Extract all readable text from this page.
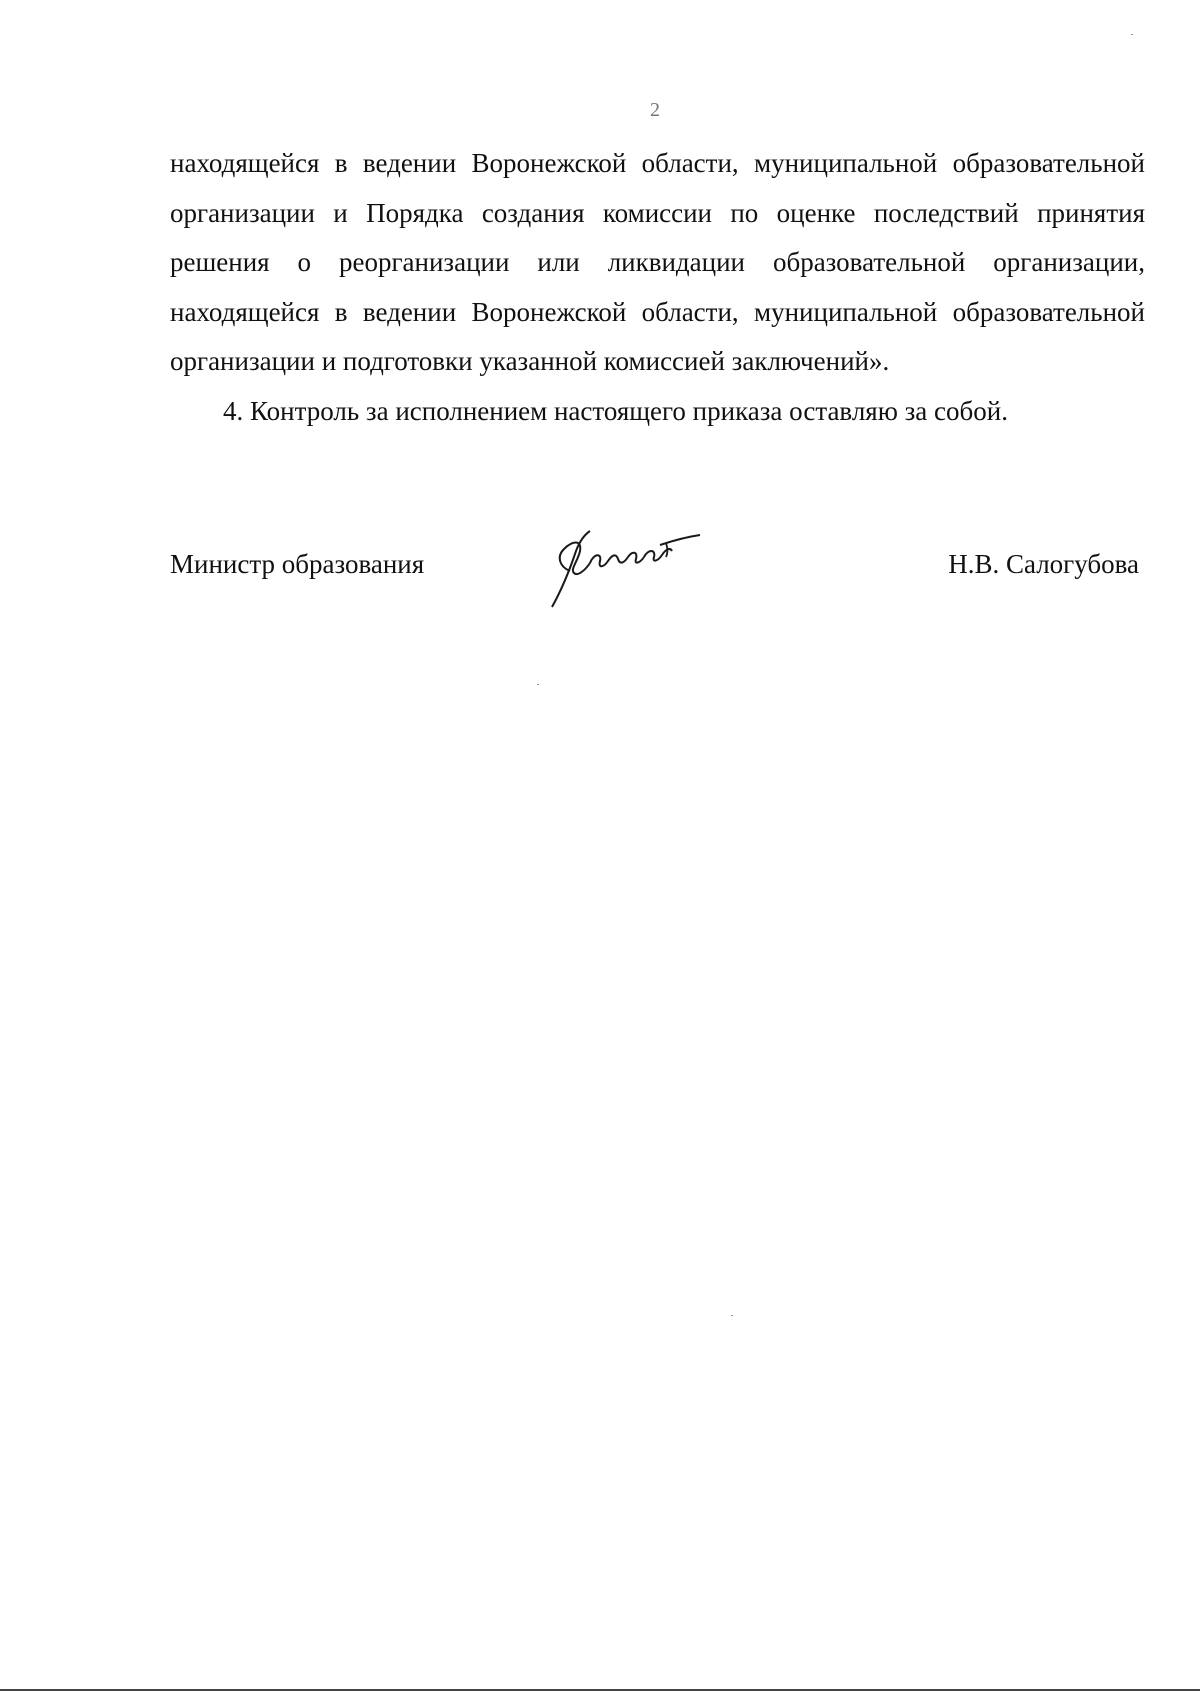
2

находящейся в ведении Воронежской области, муниципальной образовательной организации и Порядка создания комиссии по оценке последствий принятия решения о реорганизации или ликвидации образовательной организации, находящейся в ведении Воронежской области, муниципальной образовательной организации и подготовки указанной комиссией заключений».

4. Контроль за исполнением настоящего приказа оставляю за собой.

Министр образования	Н.В. Салогубова
